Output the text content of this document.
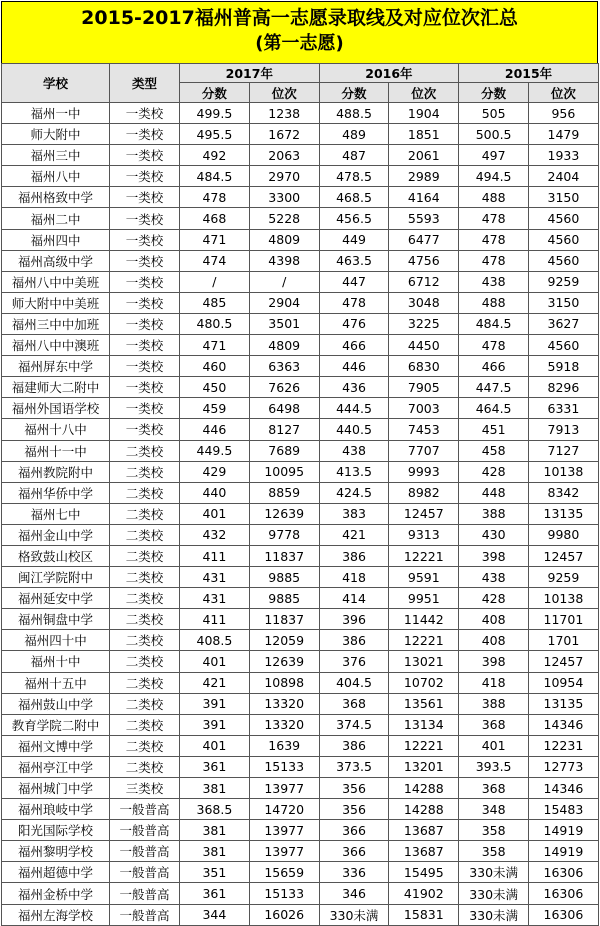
2015-2017福州普高一志愿录取线及对应位次汇总
(第一志愿)
学校	类型	2017年		2016年		2015年	
		分数	位次	分数	位次	分数	位次
福州一中	一类校	499.5	1238	488.5	1904	505	956
师大附中	一类校	495.5	1672	489	1851	500.5	1479
福州三中	一类校	492	2063	487	2061	497	1933
福州八中	一类校	484.5	2970	478.5	2989	494.5	2404
福州格致中学	一类校	478	3300	468.5	4164	488	3150
福州二中	一类校	468	5228	456.5	5593	478	4560
福州四中	一类校	471	4809	449	6477	478	4560
福州高级中学	一类校	474	4398	463.5	4756	478	4560
福州八中中美班	一类校	/	/	447	6712	438	9259
师大附中中美班	一类校	485	2904	478	3048	488	3150
福州三中中加班	一类校	480.5	3501	476	3225	484.5	3627
福州八中中澳班	一类校	471	4809	466	4450	478	4560
福州屏东中学	一类校	460	6363	446	6830	466	5918
福建师大二附中	一类校	450	7626	436	7905	447.5	8296
福州外国语学校	一类校	459	6498	444.5	7003	464.5	6331
福州十八中	一类校	446	8127	440.5	7453	451	7913
福州十一中	二类校	449.5	7689	438	7707	458	7127
福州教院附中	二类校	429	10095	413.5	9993	428	10138
福州华侨中学	二类校	440	8859	424.5	8982	448	8342
福州七中	二类校	401	12639	383	12457	388	13135
福州金山中学	二类校	432	9778	421	9313	430	9980
格致鼓山校区	二类校	411	11837	386	12221	398	12457
闽江学院附中	二类校	431	9885	418	9591	438	9259
福州延安中学	二类校	431	9885	414	9951	428	10138
福州铜盘中学	二类校	411	11837	396	11442	408	11701
福州四十中	二类校	408.5	12059	386	12221	408	1701
福州十中	二类校	401	12639	376	13021	398	12457
福州十五中	二类校	421	10898	404.5	10702	418	10954
福州鼓山中学	二类校	391	13320	368	13561	388	13135
教育学院二附中	二类校	391	13320	374.5	13134	368	14346
福州文博中学	二类校	401	1639	386	12221	401	12231
福州亭江中学	二类校	361	15133	373.5	13201	393.5	12773
福州城门中学	三类校	381	13977	356	14288	368	14346
福州琅岐中学	一般普高	368.5	14720	356	14288	348	15483
阳光国际学校	一般普高	381	13977	366	13687	358	14919
福州黎明学校	一般普高	381	13977	366	13687	358	14919
福州超德中学	一般普高	351	15659	336	15495	330未满	16306
福州金桥中学	一般普高	361	15133	346	41902	330未满	16306
福州左海学校	一般普高	344	16026	330未满	15831	330未满	16306
